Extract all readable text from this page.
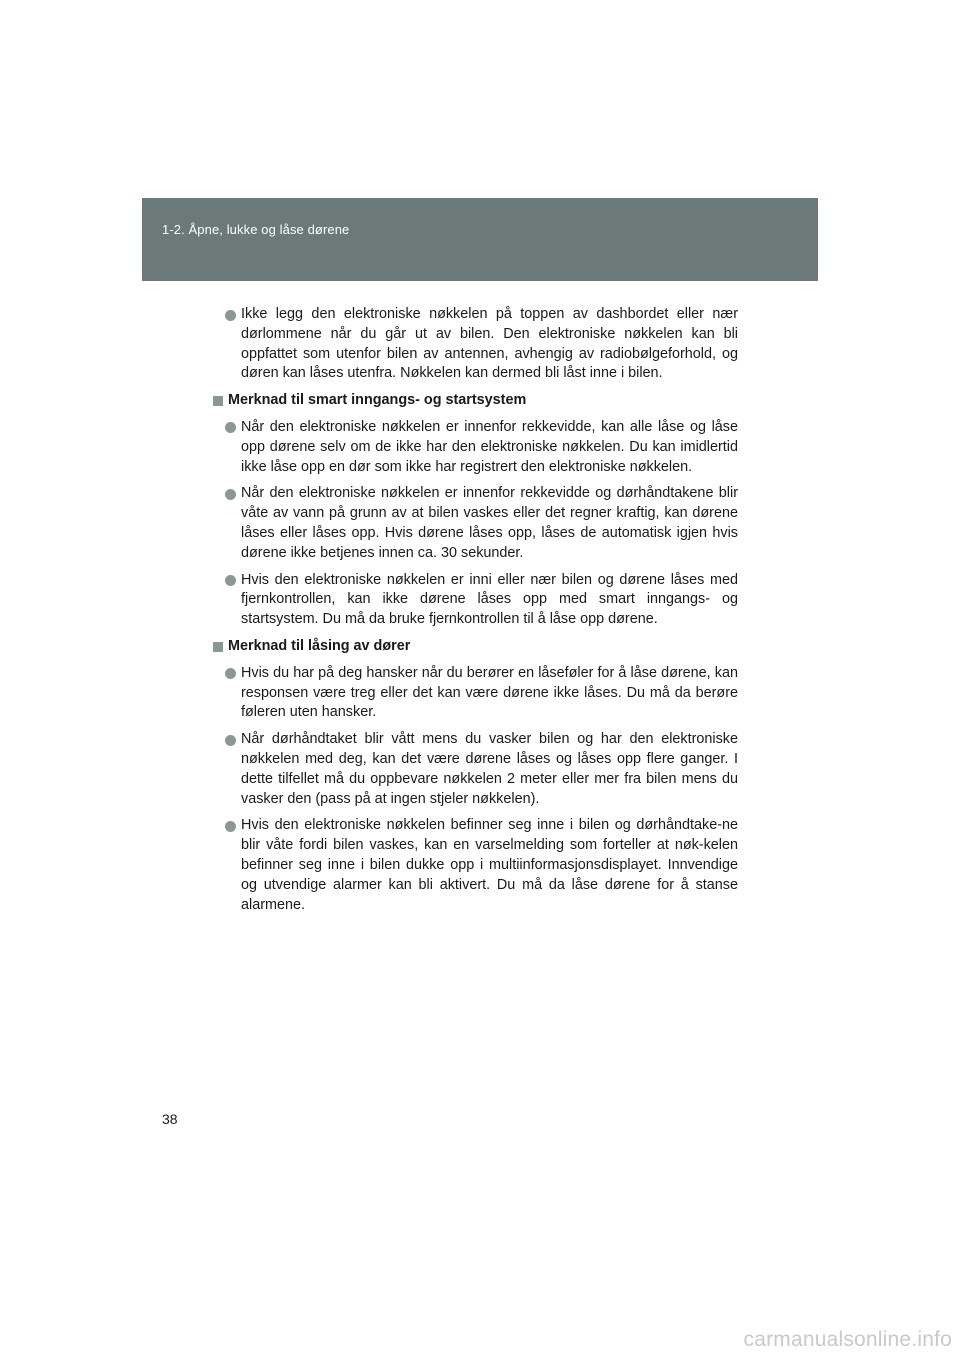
1-2. Åpne, lukke og låse dørene
Ikke legg den elektroniske nøkkelen på toppen av dashbordet eller nær dørlommene når du går ut av bilen. Den elektroniske nøkkelen kan bli oppfattet som utenfor bilen av antennen, avhengig av radiobølgeforhold, og døren kan låses utenfra. Nøkkelen kan dermed bli låst inne i bilen.
Merknad til smart inngangs- og startsystem
Når den elektroniske nøkkelen er innenfor rekkevidde, kan alle låse og låse opp dørene selv om de ikke har den elektroniske nøkkelen. Du kan imidlertid ikke låse opp en dør som ikke har registrert den elektroniske nøkkelen.
Når den elektroniske nøkkelen er innenfor rekkevidde og dørhåndtakene blir våte av vann på grunn av at bilen vaskes eller det regner kraftig, kan dørene låses eller låses opp. Hvis dørene låses opp, låses de automatisk igjen hvis dørene ikke betjenes innen ca. 30 sekunder.
Hvis den elektroniske nøkkelen er inni eller nær bilen og dørene låses med fjernkontrollen, kan ikke dørene låses opp med smart inngangs- og startsystem. Du må da bruke fjernkontrollen til å låse opp dørene.
Merknad til låsing av dører
Hvis du har på deg hansker når du berører en låseføler for å låse dørene, kan responsen være treg eller det kan være dørene ikke låses. Du må da berøre føleren uten hansker.
Når dørhåndtaket blir vått mens du vasker bilen og har den elektroniske nøkkelen med deg, kan det være dørene låses og låses opp flere ganger. I dette tilfellet må du oppbevare nøkkelen 2 meter eller mer fra bilen mens du vasker den (pass på at ingen stjeler nøkkelen).
Hvis den elektroniske nøkkelen befinner seg inne i bilen og dørhåndtake-ne blir våte fordi bilen vaskes, kan en varselmelding som forteller at nøk-kelen befinner seg inne i bilen dukke opp i multiinformasjonsdisplayet. Innvendige og utvendige alarmer kan bli aktivert. Du må da låse dørene for å stanse alarmene.
38
carmanualsonline.info
